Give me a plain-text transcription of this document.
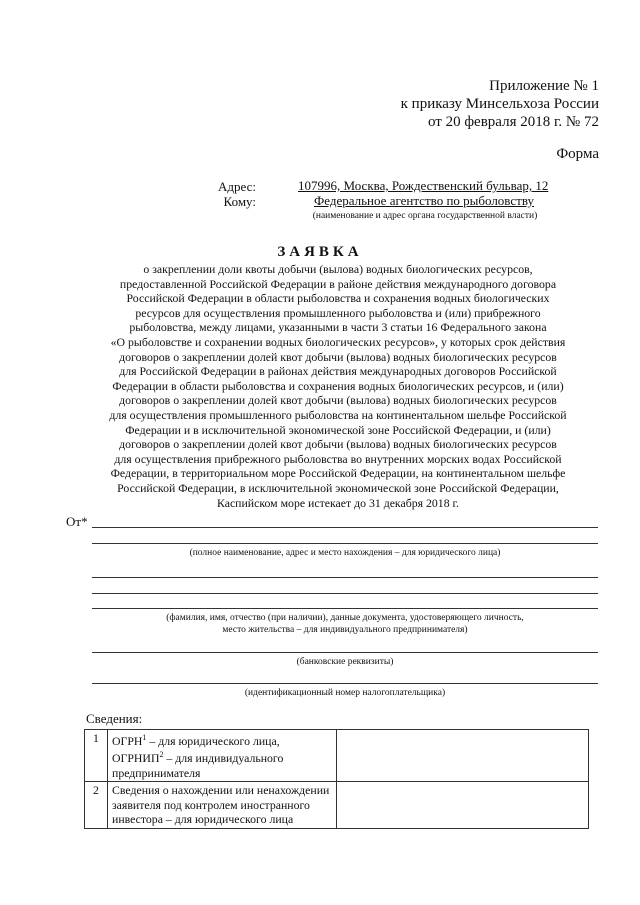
Приложение № 1
к приказу Минсельхоза России
от 20 февраля 2018 г. № 72
Форма
Адрес:	107996, Москва, Рождественский бульвар, 12
Кому:	Федеральное агентство по рыболовству
(наименование и адрес органа государственной власти)
ЗАЯВКА
о закреплении доли квоты добычи (вылова) водных биологических ресурсов,
предоставленной Российской Федерации в районе действия международного договора
Российской Федерации в области рыболовства и сохранения водных биологических
ресурсов для осуществления промышленного рыболовства и (или) прибрежного
рыболовства, между лицами, указанными в части 3 статьи 16 Федерального закона
«О рыболовстве и сохранении водных биологических ресурсов», у которых срок действия
договоров о закреплении долей квот добычи (вылова) водных биологических ресурсов
для Российской Федерации в районах действия международных договоров Российской
Федерации в области рыболовства и сохранения водных биологических ресурсов, и (или)
договоров о закреплении долей квот добычи (вылова) водных биологических ресурсов
для осуществления промышленного рыболовства на континентальном шельфе Российской
Федерации и в исключительной экономической зоне Российской Федерации, и (или)
договоров о закреплении долей квот добычи (вылова) водных биологических ресурсов
для осуществления прибрежного рыболовства во внутренних морских водах Российской
Федерации, в территориальном море Российской Федерации, на континентальном шельфе
Российской Федерации, в исключительной экономической зоне Российской Федерации,
Каспийском море истекает до 31 декабря 2018 г.
От*
(полное наименование, адрес и место нахождения – для юридического лица)
(фамилия, имя, отчество (при наличии), данные документа, удостоверяющего личность,
место жительства – для индивидуального предпринимателя)
(банковские реквизиты)
(идентификационный номер налогоплательщика)
Сведения:
1	ОГРН$^1$ – для юридического лица, ОГРНИП$^2$ – для индивидуального предпринимателя	
2	Сведения о нахождении или ненахождении заявителя под контролем иностранного инвестора – для юридического лица	
